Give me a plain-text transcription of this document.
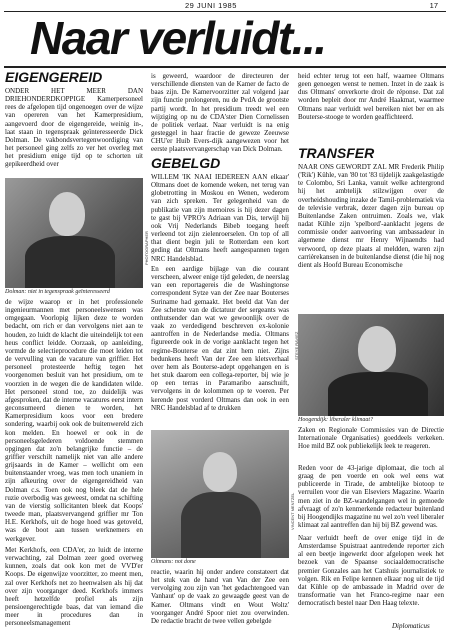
29 JUNI 1985	17
Naar verluidt...
EIGENGEREID

ONDER HET MEER DAN DRIEHONDERDKOPPIGE Kamerpersoneel rees de afgelopen tijd ongenoegen over de wijze van opereren van het Kamerpresidium, aangevoerd door de eigengereide, weinig in-, laat staan in tegenspraak geïnteresseerde Dick Dolman. De vakbondsvertegenwoordiging van het personeel ging zelfs zo ver het overleg met het presidium enige tijd op te schorten uit gepikeerdheid over

Dolman: niet in tegenspraak geïnteresseerd

de wijze waarop er in het professionele ingenieurmannen met personeelswensen was omgegaan. Voorlopig lijken deze te worden bedacht, om rich er dan vervolgens niet aan te houden, zo luidt de klacht die uiteindelijk tot een heus conflict leidde. Oorzaak, op aanleiding, vormde de selectieprocedure die moet leiden tot de vervulling van de vacature van griffier. Het personeel protesteerde heftig tegen het voorgenomen besluit van het presidium, om te voorzien in de wegen die de kandidaten wilde. Het personeel stond toe, zo duidelijk was afgesproken, dat de interne vacatures eerst intern geconsumeerd dienen te worden, het Kamerpresidium koos voor een bredere sondering, waarbij ook ook de buitenwereld zich kon melden. En hoewel er ook in de personeelsgelederen voldoende stemmen opgingen dat zo'n belangrijke functie – de griffier verschilt namelijk niet van alle andere grijsaards in de Kamer – wellicht om een buitenstaander vroeg, was men toch unaniem in zijn afkeuring over de eigengereidheid van Dolman c.s. Toen ook nog bleek dat de hele ruzie overbodig was geweest, omdat na schifting van de vierstig sollicitanten bleek dat Koops' tweede man, plaatsvervangend griffier mr Ton H.E. Kerkhofs, uit de hoge hoed was getoveld, was de boot aan tussen werknemers en werkgever.

Met Kerkhofs, een CDA'er, zo luidt de interne verwachting, zal Dolman zeer goed overweg kunnen, zoals dat ook kon met de VVD'er Koops. De eigenwijze voorzitter, zo meent men, zal over Kerkhofs net zo heenwalsen als hij dat over zijn voorganger deed. Kerkhofs immers heeft hetzelfde profiel als zijn pensioengerechtigde baas, dat van iemand die meer in procedures dan in personeelsmanagement

is geweerd, waardoor de directeuren der verschillende diensten van de Kamer de facto de baas zijn. De Kamervoorzitter zal volgend jaar zijn functie prolongeren, nu de PvdA de grootste partij wordt. In het presidium treedt wel een wijziging op nu de CDA'ster Dien Cornelissen de politiek verlaat. Naar verluidt is na enig gesteggel in haar fractie de geweze Zeeuwse CHU'er Huib Evers-dijk aangewezen voor het eerste plaatsvervangerschap van Dick Dolman.

GEBELGD

WILLEM 'IK NAAI IEDEREEN AAN elkaar' Oltmans doet de komende weken, net terug van globetrotting in Moskou en Wenen, wederom van zich spreken. Ter gelegenheid van de publikatie van zijn memoires is hij dezer dagen te gast bij VPRO's Adriaan van Dis, terwijl hij ook Vrij Nederlands Bibeb toegang heeft verleend tot zijn zielenroerselen. On top of all that dient begin juli te Rotterdam een kort geding dat Oltmans heeft aangespannen tegen NRC Handelsblad.

En een aardige bijlage van die courant verscheen, alweer enige tijd geleden, de neerslag van een reportagereis die de Washingtonse correspondent Sytze van der Zee naar Bouterses Suriname had gemaakt. Het beeld dat Van der Zee schetste van de dictatuur der sergeants was onthutsender dan wat we gewoonlijk over de vaak zo verdedigend beschreven ex-kolonie aantroffen in de Nederlandse media. Oltmans figureerde ook in de vorige aanklacht tegen het regime-Bouterse en dat zint hem niet. Zijns bedunkens heeft Van der Zee een kletsverhaal over hem als Bouterse-adept opgehangen en is het stuk daarom een collega-reporter, bij wie je op een terras in Paramaribo aanschuift, vervolgens in de kolommen op te voeren. Per kerende post vorderd Oltmans dan ook in een NRC Handelsblad af te drukken

Oltmans: not done

reactie, waarin hij onder andere constateert dat het stuk van de hand van Van der Zee een vervolging zou zijn van 'het gedachtengoed van Vanhaut' op de vaak zo gewaagde geest van de Kamer. Oltmans vindt en Wout Woltz' voorganger André Spoor niet zou overwinden. De redactie bracht de twee vellen gebelgde

heid echter terug tot een half, waarnee Oltmans geen genoegen wenst te nemen. Inzet in de zaak is dus Oltmans' onverkorte droit de réponse. Dat zal worden bepleit door mr André Haakmat, waarmee Oltmans naar verluidt wel bereiken niet ber en als Bouterse-stooge te worden geaffichteerd.

TRANSFER

NAAR ONS GEWORDT ZAL MR Frederik Philip ('Rik') Kühle, van '80 tot '83 tijdelijk zaakgelastigde te Colombo, Sri Lanka, vanuit welke achtergrond hij het ambtelijk stilzwijgen over de overheidshouding inzake de Tamil-problematiek via de televisie verbrak, dezer dagen zijn bureau op Buitenlandse Zaken ontruimen. Zoals we, vlak nadat Kühle zijn 'spelbord'-aanklacht jegens de commissie onder aanvoering van ambassadeur in algemene dienst mr Henry Wijnaendts had verwoord, op deze plaats al meldden, waren zijn carrièrekansen in de buitenlandse dienst (die hij nog dient als Hoofd Bureau Economische

Hoogendijk: liberaler klimaat?

Zaken en Regionale Commissies van de Directie Internationale Organisaties) goeddeels verkeken. Hoe mild BZ ook publiekelijk leek te reageren.

Reden voor de 43-jarige diplomaat, die toch al graag de pen voerde en ook wel eens wat publiceerde in Tirade, de ambtelijke biotoop te verruilen voor die van Elseviers Magazine. Waarin men ziet in de BZ-wandelgangen wel in gemoede afvraagt of zo'n kenmerkende redacteur buitenland bij Hoogendijks magazine nu wel zo'n veel liberaler klimaat zal aantreffen dan hij bij BZ gewend was.

Naar verluidt heeft de over enige tijd in de Amsterdamse Spuistraat aantredende reporter zich al een beetje ingewerkt door afgelopen week het bezoek van de Spaanse sociaaldemocratische premier Gonzales aan het Catshuis journalistiek te volgen. Rik en Felipe kennen elkaar nog uit de tijd dat Kühle op de ambassade in Madrid over de transformatie van het Franco-regime naar een democratisch bestel naar Den Haag telexte.

Diplomaticus
PHOTOGRAPHER
VINCENT MENTZEL
STEYE RAVIEZ
